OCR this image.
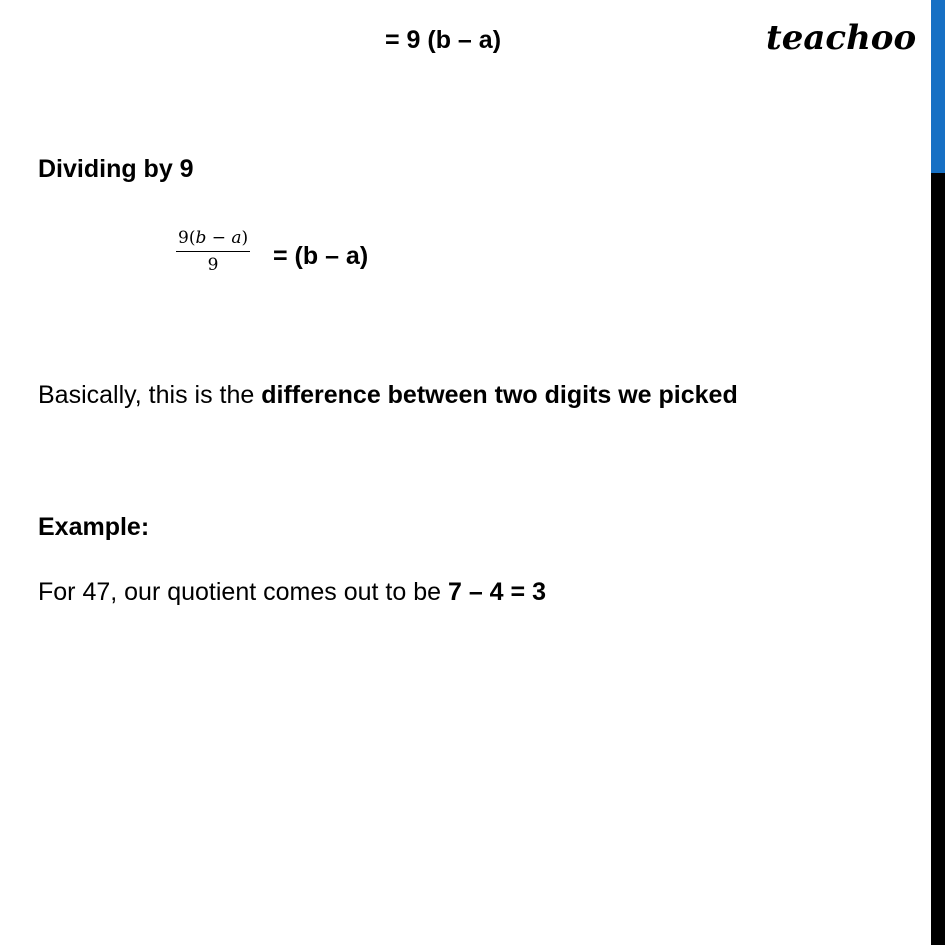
teachoo
= 9 (b – a)
Dividing by 9
$\frac{9(b - a)}{9} = (b - a)$
Basically, this is the difference between two digits we picked
Example:
For 47, our quotient comes out to be 7 – 4 = 3
